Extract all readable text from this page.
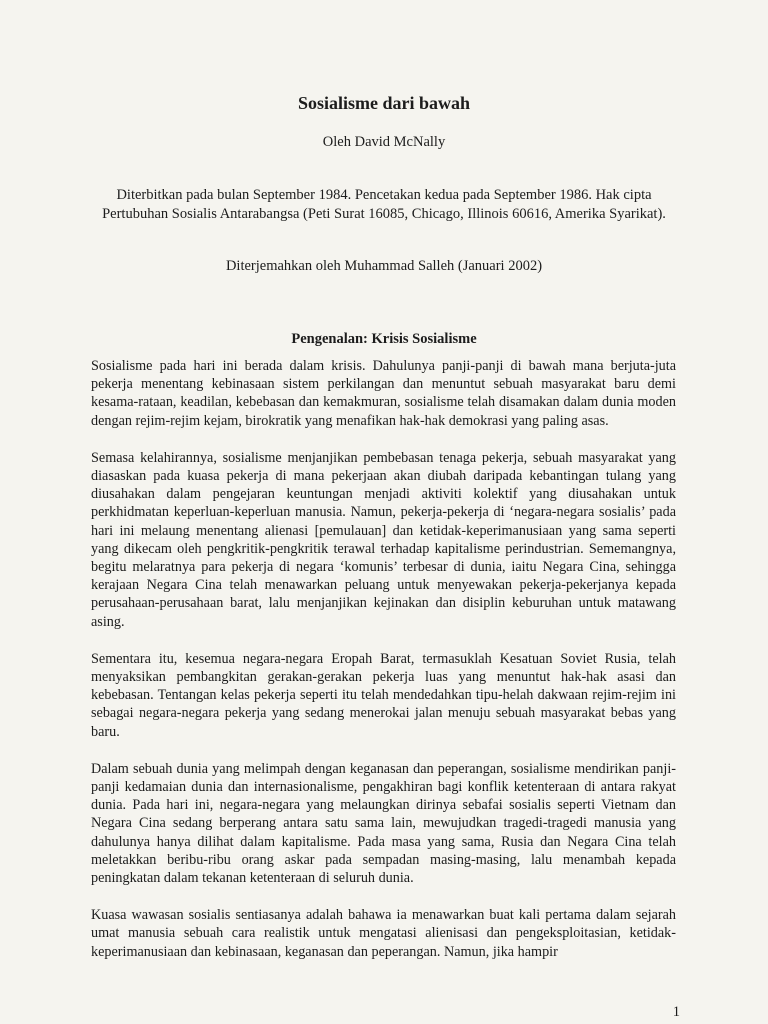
Sosialisme dari bawah

Oleh David McNally

Diterbitkan pada bulan September 1984. Pencetakan kedua pada September 1986. Hak cipta Pertubuhan Sosialis Antarabangsa (Peti Surat 16085, Chicago, Illinois 60616, Amerika Syarikat).

Diterjemahkan oleh Muhammad Salleh (Januari 2002)

Pengenalan: Krisis Sosialisme

Sosialisme pada hari ini berada dalam krisis. Dahulunya panji-panji di bawah mana berjuta-juta pekerja menentang kebinasaan sistem perkilangan dan menuntut sebuah masyarakat baru demi kesama-rataan, keadilan, kebebasan dan kemakmuran, sosialisme telah disamakan dalam dunia moden dengan rejim-rejim kejam, birokratik yang menafikan hak-hak demokrasi yang paling asas.

Semasa kelahirannya, sosialisme menjanjikan pembebasan tenaga pekerja, sebuah masyarakat yang diasaskan pada kuasa pekerja di mana pekerjaan akan diubah daripada kebantingan tulang yang diusahakan dalam pengejaran keuntungan menjadi aktiviti kolektif yang diusahakan untuk perkhidmatan keperluan-keperluan manusia. Namun, pekerja-pekerja di ‘negara-negara sosialis’ pada hari ini melaung menentang alienasi [pemulauan] dan ketidak-keperimanusiaan yang sama seperti yang dikecam oleh pengkritik-pengkritik terawal terhadap kapitalisme perindustrian. Sememangnya, begitu melaratnya para pekerja di negara ‘komunis’ terbesar di dunia, iaitu Negara Cina, sehingga kerajaan Negara Cina telah menawarkan peluang untuk menyewakan pekerja-pekerjanya kepada perusahaan-perusahaan barat, lalu menjanjikan kejinakan dan disiplin keburuhan untuk matawang asing.

Sementara itu, kesemua negara-negara Eropah Barat, termasuklah Kesatuan Soviet Rusia, telah menyaksikan pembangkitan gerakan-gerakan pekerja luas yang menuntut hak-hak asasi dan kebebasan. Tentangan kelas pekerja seperti itu telah mendedahkan tipu-helah dakwaan rejim-rejim ini sebagai negara-negara pekerja yang sedang menerokai jalan menuju sebuah masyarakat bebas yang baru.

Dalam sebuah dunia yang melimpah dengan keganasan dan peperangan, sosialisme mendirikan panji-panji kedamaian dunia dan internasionalisme, pengakhiran bagi konflik ketenteraan di antara rakyat dunia. Pada hari ini, negara-negara yang melaungkan dirinya sebafai sosialis seperti Vietnam dan Negara Cina sedang berperang antara satu sama lain, mewujudkan tragedi-tragedi manusia yang dahulunya hanya dilihat dalam kapitalisme. Pada masa yang sama, Rusia dan Negara Cina telah meletakkan beribu-ribu orang askar pada sempadan masing-masing, lalu menambah kepada peningkatan dalam tekanan ketenteraan di seluruh dunia.

Kuasa wawasan sosialis sentiasanya adalah bahawa ia menawarkan buat kali pertama dalam sejarah umat manusia sebuah cara realistik untuk mengatasi alienisasi dan pengeksploitasian, ketidak-keperimanusiaan dan kebinasaan, keganasan dan peperangan. Namun, jika hampir

1
